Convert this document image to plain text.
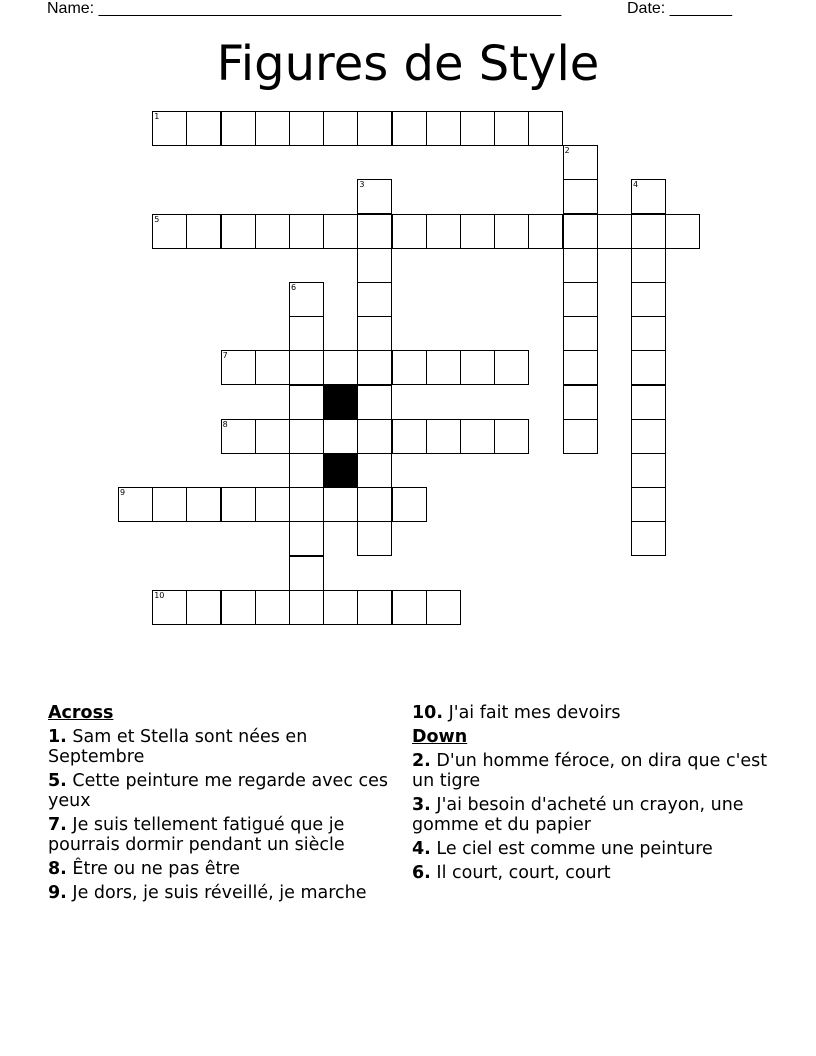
Name: ____________________________________________________	Date: _______
Figures de Style
1
5
7
8
9
10
2
3	4
6
Across
1. Sam et Stella sont nées en Septembre
5. Cette peinture me regarde avec ces yeux
7. Je suis tellement fatigué que je pourrais dormir pendant un siècle
8. Être ou ne pas être
9. Je dors, je suis réveillé, je marche
10. J'ai fait mes devoirs
Down
2. D'un homme féroce, on dira que c'est un tigre
3. J'ai besoin d'acheté un crayon, une gomme et du papier
4. Le ciel est comme une peinture
6. Il court, court, court
